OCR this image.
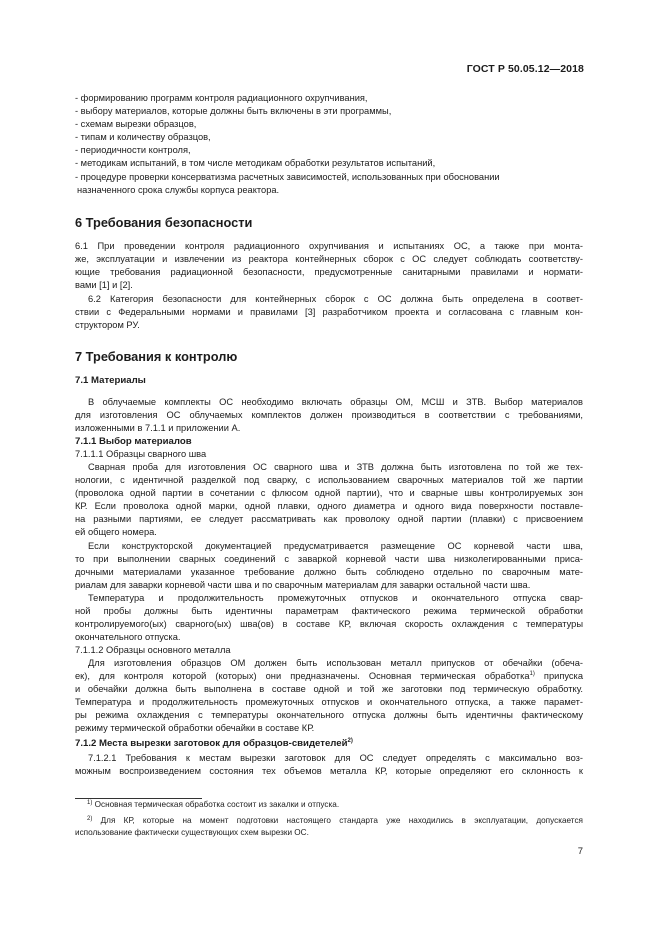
ГОСТ Р 50.05.12—2018
- формированию программ контроля радиационного охрупчивания,
- выбору материалов, которые должны быть включены в эти программы,
- схемам вырезки образцов,
- типам и количеству образцов,
- периодичности контроля,
- методикам испытаний, в том числе методикам обработки результатов испытаний,
- процедуре проверки консерватизма расчетных зависимостей, использованных при обосновании
назначенного срока службы корпуса реактора.
6 Требования безопасности
6.1 При проведении контроля радиационного охрупчивания и испытаниях ОС, а также при монта-
же, эксплуатации и извлечении из реактора контейнерных сборок с ОС следует соблюдать соответству-
ющие требования радиационной безопасности, предусмотренные санитарными правилами и нормати-
вами [1] и [2].
6.2 Категория безопасности для контейнерных сборок с ОС должна быть определена в соответ-
ствии с Федеральными нормами и правилами [3] разработчиком проекта и согласована с главным кон-
структором РУ.
7 Требования к контролю
7.1 Материалы
В облучаемые комплекты ОС необходимо включать образцы ОМ, МСШ и ЗТВ. Выбор материалов
для изготовления ОС облучаемых комплектов должен производиться в соответствии с требованиями,
изложенными в 7.1.1 и приложении А.
7.1.1 Выбор материалов
7.1.1.1 Образцы сварного шва
Сварная проба для изготовления ОС сварного шва и ЗТВ должна быть изготовлена по той же тех-
нологии, с идентичной разделкой под сварку, с использованием сварочных материалов той же партии
(проволока одной партии в сочетании с флюсом одной партии), что и сварные швы контролируемых зон
КР. Если проволока одной марки, одной плавки, одного диаметра и одного вида поверхности поставле-
на разными партиями, ее следует рассматривать как проволоку одной партии (плавки) с присвоением
ей общего номера.
Если конструкторской документацией предусматривается размещение ОС корневой части шва,
то при выполнении сварных соединений с заваркой корневой части шва низколегированными приса-
дочными материалами указанное требование должно быть соблюдено отдельно по сварочным мате-
риалам для заварки корневой части шва и по сварочным материалам для заварки остальной части шва.
Температура и продолжительность промежуточных отпусков и окончательного отпуска свар-
ной пробы должны быть идентичны параметрам фактического режима термической обработки
контролируемого(ых) сварного(ых) шва(ов) в составе КР, включая скорость охлаждения с температуры
окончательного отпуска.
7.1.1.2 Образцы основного металла
Для изготовления образцов ОМ должен быть использован металл припусков от обечайки (обеча-
ек), для контроля которой (которых) они предназначены. Основная термическая обработка$^{1)}$ припуска
и обечайки должна быть выполнена в составе одной и той же заготовки под термическую обработку.
Температура и продолжительность промежуточных отпусков и окончательного отпуска, а также парамет-
ры режима охлаждения с температуры окончательного отпуска должны быть идентичны фактическому
режиму термической обработки обечайки в составе КР.
7.1.2 Места вырезки заготовок для образцов-свидетелей$^{2)}$
7.1.2.1 Требования к местам вырезки заготовок для ОС следует определять с максимально воз-
можным воспроизведением состояния тех объемов металла КР, которые определяют его склонность к
$^{1)}$ Основная термическая обработка состоит из закалки и отпуска.
$^{2)}$ Для КР, которые на момент подготовки настоящего стандарта уже находились в эксплуатации, допускается
использование фактически существующих схем вырезки ОС.
7
